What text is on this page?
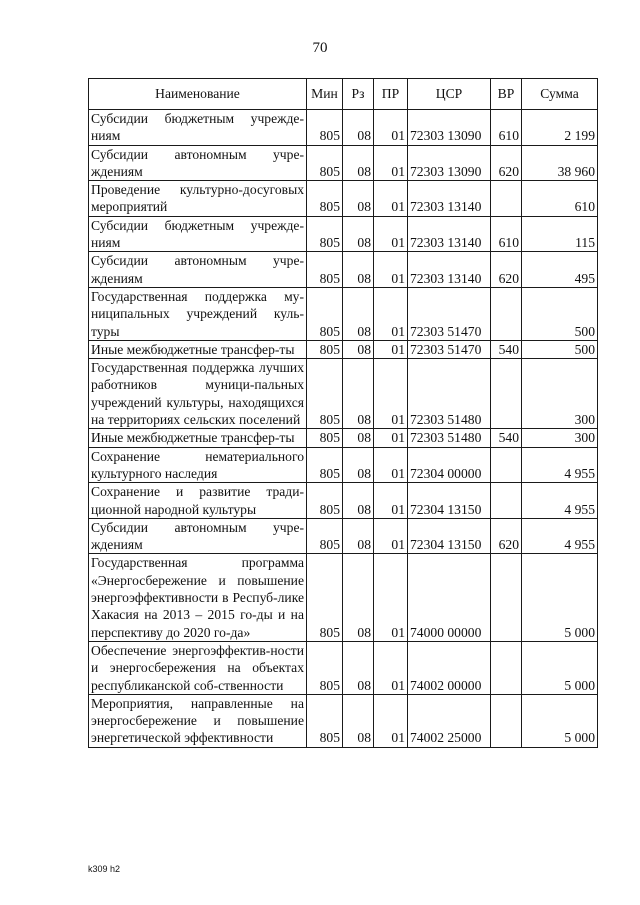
70
Наименование	Мин	Рз	ПР	ЦСР	ВР	Сумма
Субсидии бюджетным учрежде-ниям	805	08	01	72303 13090	610	2 199
Субсидии автономным учре-ждениям	805	08	01	72303 13090	620	38 960
Проведение культурно-досуговых мероприятий	805	08	01	72303 13140		610
Субсидии бюджетным учрежде-ниям	805	08	01	72303 13140	610	115
Субсидии автономным учре-ждениям	805	08	01	72303 13140	620	495
Государственная поддержка му-ниципальных учреждений куль-туры	805	08	01	72303 51470		500
Иные межбюджетные трансфер-ты	805	08	01	72303 51470	540	500
Государственная поддержка лучших работников муници-пальных учреждений культуры, находящихся на территориях сельских поселений	805	08	01	72303 51480		300
Иные межбюджетные трансфер-ты	805	08	01	72303 51480	540	300
Сохранение нематериального культурного наследия	805	08	01	72304 00000		4 955
Сохранение и развитие тради-ционной народной культуры	805	08	01	72304 13150		4 955
Субсидии автономным учре-ждениям	805	08	01	72304 13150	620	4 955
Государственная программа «Энергосбережение и повышение энергоэффективности в Респуб-лике Хакасия на 2013 – 2015 го-ды и на перспективу до 2020 го-да»	805	08	01	74000 00000		5 000
Обеспечение энергоэффектив-ности и энергосбережения на объектах республиканской соб-ственности	805	08	01	74002 00000		5 000
Мероприятия, направленные на энергосбережение и повышение энергетической эффективности	805	08	01	74002 25000		5 000
k309 h2
